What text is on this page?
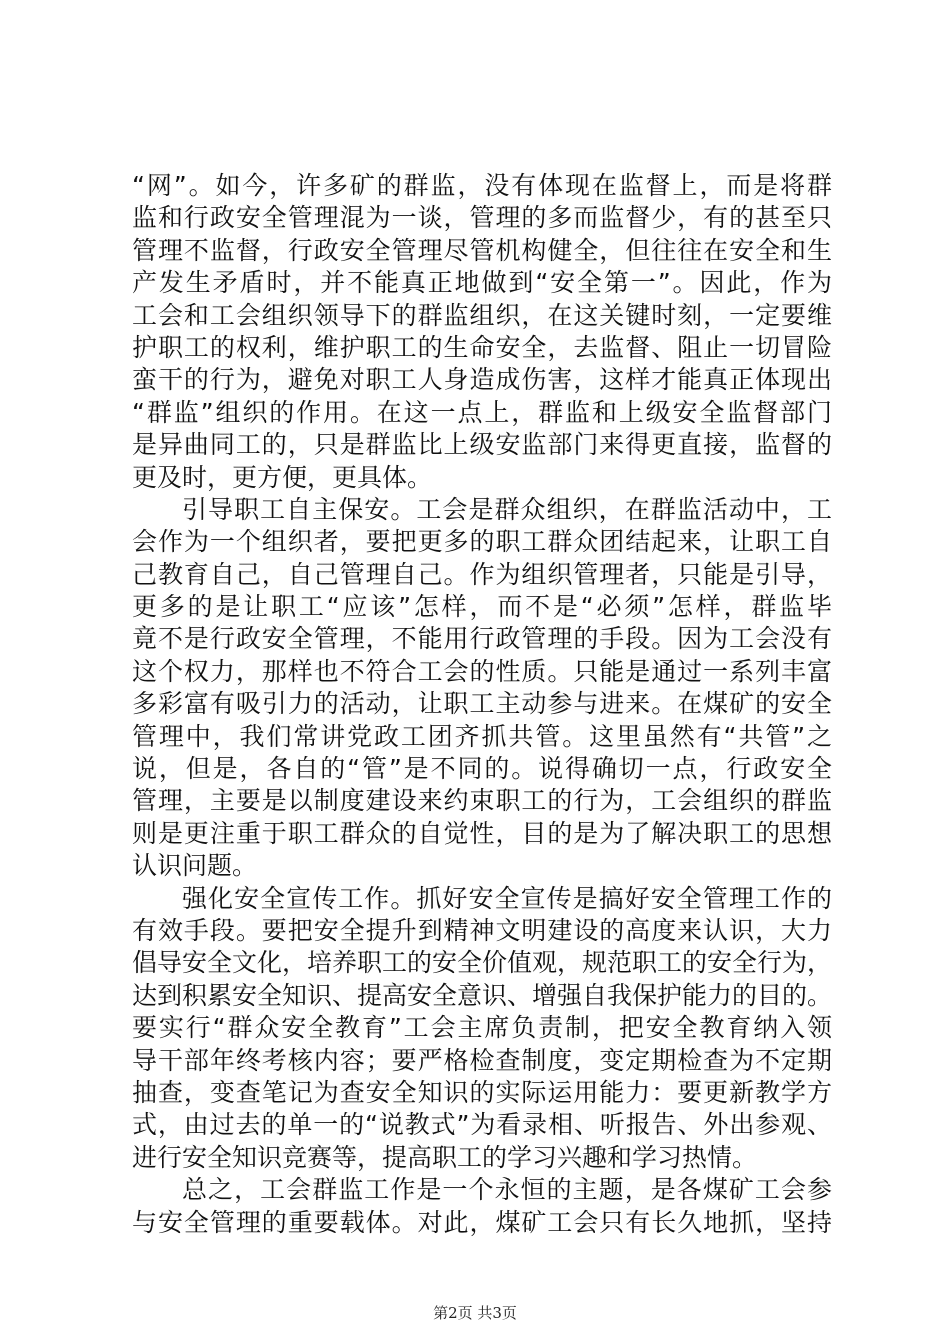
“网”。如今，许多矿的群监，没有体现在监督上，而是将群
监和行政安全管理混为一谈，管理的多而监督少，有的甚至只
管理不监督，行政安全管理尽管机构健全，但往往在安全和生
产发生矛盾时，并不能真正地做到“安全第一”。因此，作为
工会和工会组织领导下的群监组织，在这关键时刻，一定要维
护职工的权利，维护职工的生命安全，去监督、阻止一切冒险
蛮干的行为，避免对职工人身造成伤害，这样才能真正体现出
“群监”组织的作用。在这一点上，群监和上级安全监督部门
是异曲同工的，只是群监比上级安监部门来得更直接，监督的
更及时，更方便，更具体。
引导职工自主保安。工会是群众组织，在群监活动中，工
会作为一个组织者，要把更多的职工群众团结起来，让职工自
己教育自己，自己管理自己。作为组织管理者，只能是引导，
更多的是让职工“应该”怎样，而不是“必须”怎样，群监毕
竟不是行政安全管理，不能用行政管理的手段。因为工会没有
这个权力，那样也不符合工会的性质。只能是通过一系列丰富
多彩富有吸引力的活动，让职工主动参与进来。在煤矿的安全
管理中，我们常讲党政工团齐抓共管。这里虽然有“共管”之
说，但是，各自的“管”是不同的。说得确切一点，行政安全
管理，主要是以制度建设来约束职工的行为，工会组织的群监
则是更注重于职工群众的自觉性，目的是为了解决职工的思想
认识问题。
强化安全宣传工作。抓好安全宣传是搞好安全管理工作的
有效手段。要把安全提升到精神文明建设的高度来认识，大力
倡导安全文化，培养职工的安全价值观，规范职工的安全行为，
达到积累安全知识、提高安全意识、增强自我保护能力的目的。
要实行“群众安全教育”工会主席负责制，把安全教育纳入领
导干部年终考核内容；要严格检查制度，变定期检查为不定期
抽查，变查笔记为查安全知识的实际运用能力：要更新教学方
式，由过去的单一的“说教式”为看录相、听报告、外出参观、
进行安全知识竞赛等，提高职工的学习兴趣和学习热情。
总之，工会群监工作是一个永恒的主题，是各煤矿工会参
与安全管理的重要载体。对此，煤矿工会只有长久地抓，坚持
第2页 共3页
